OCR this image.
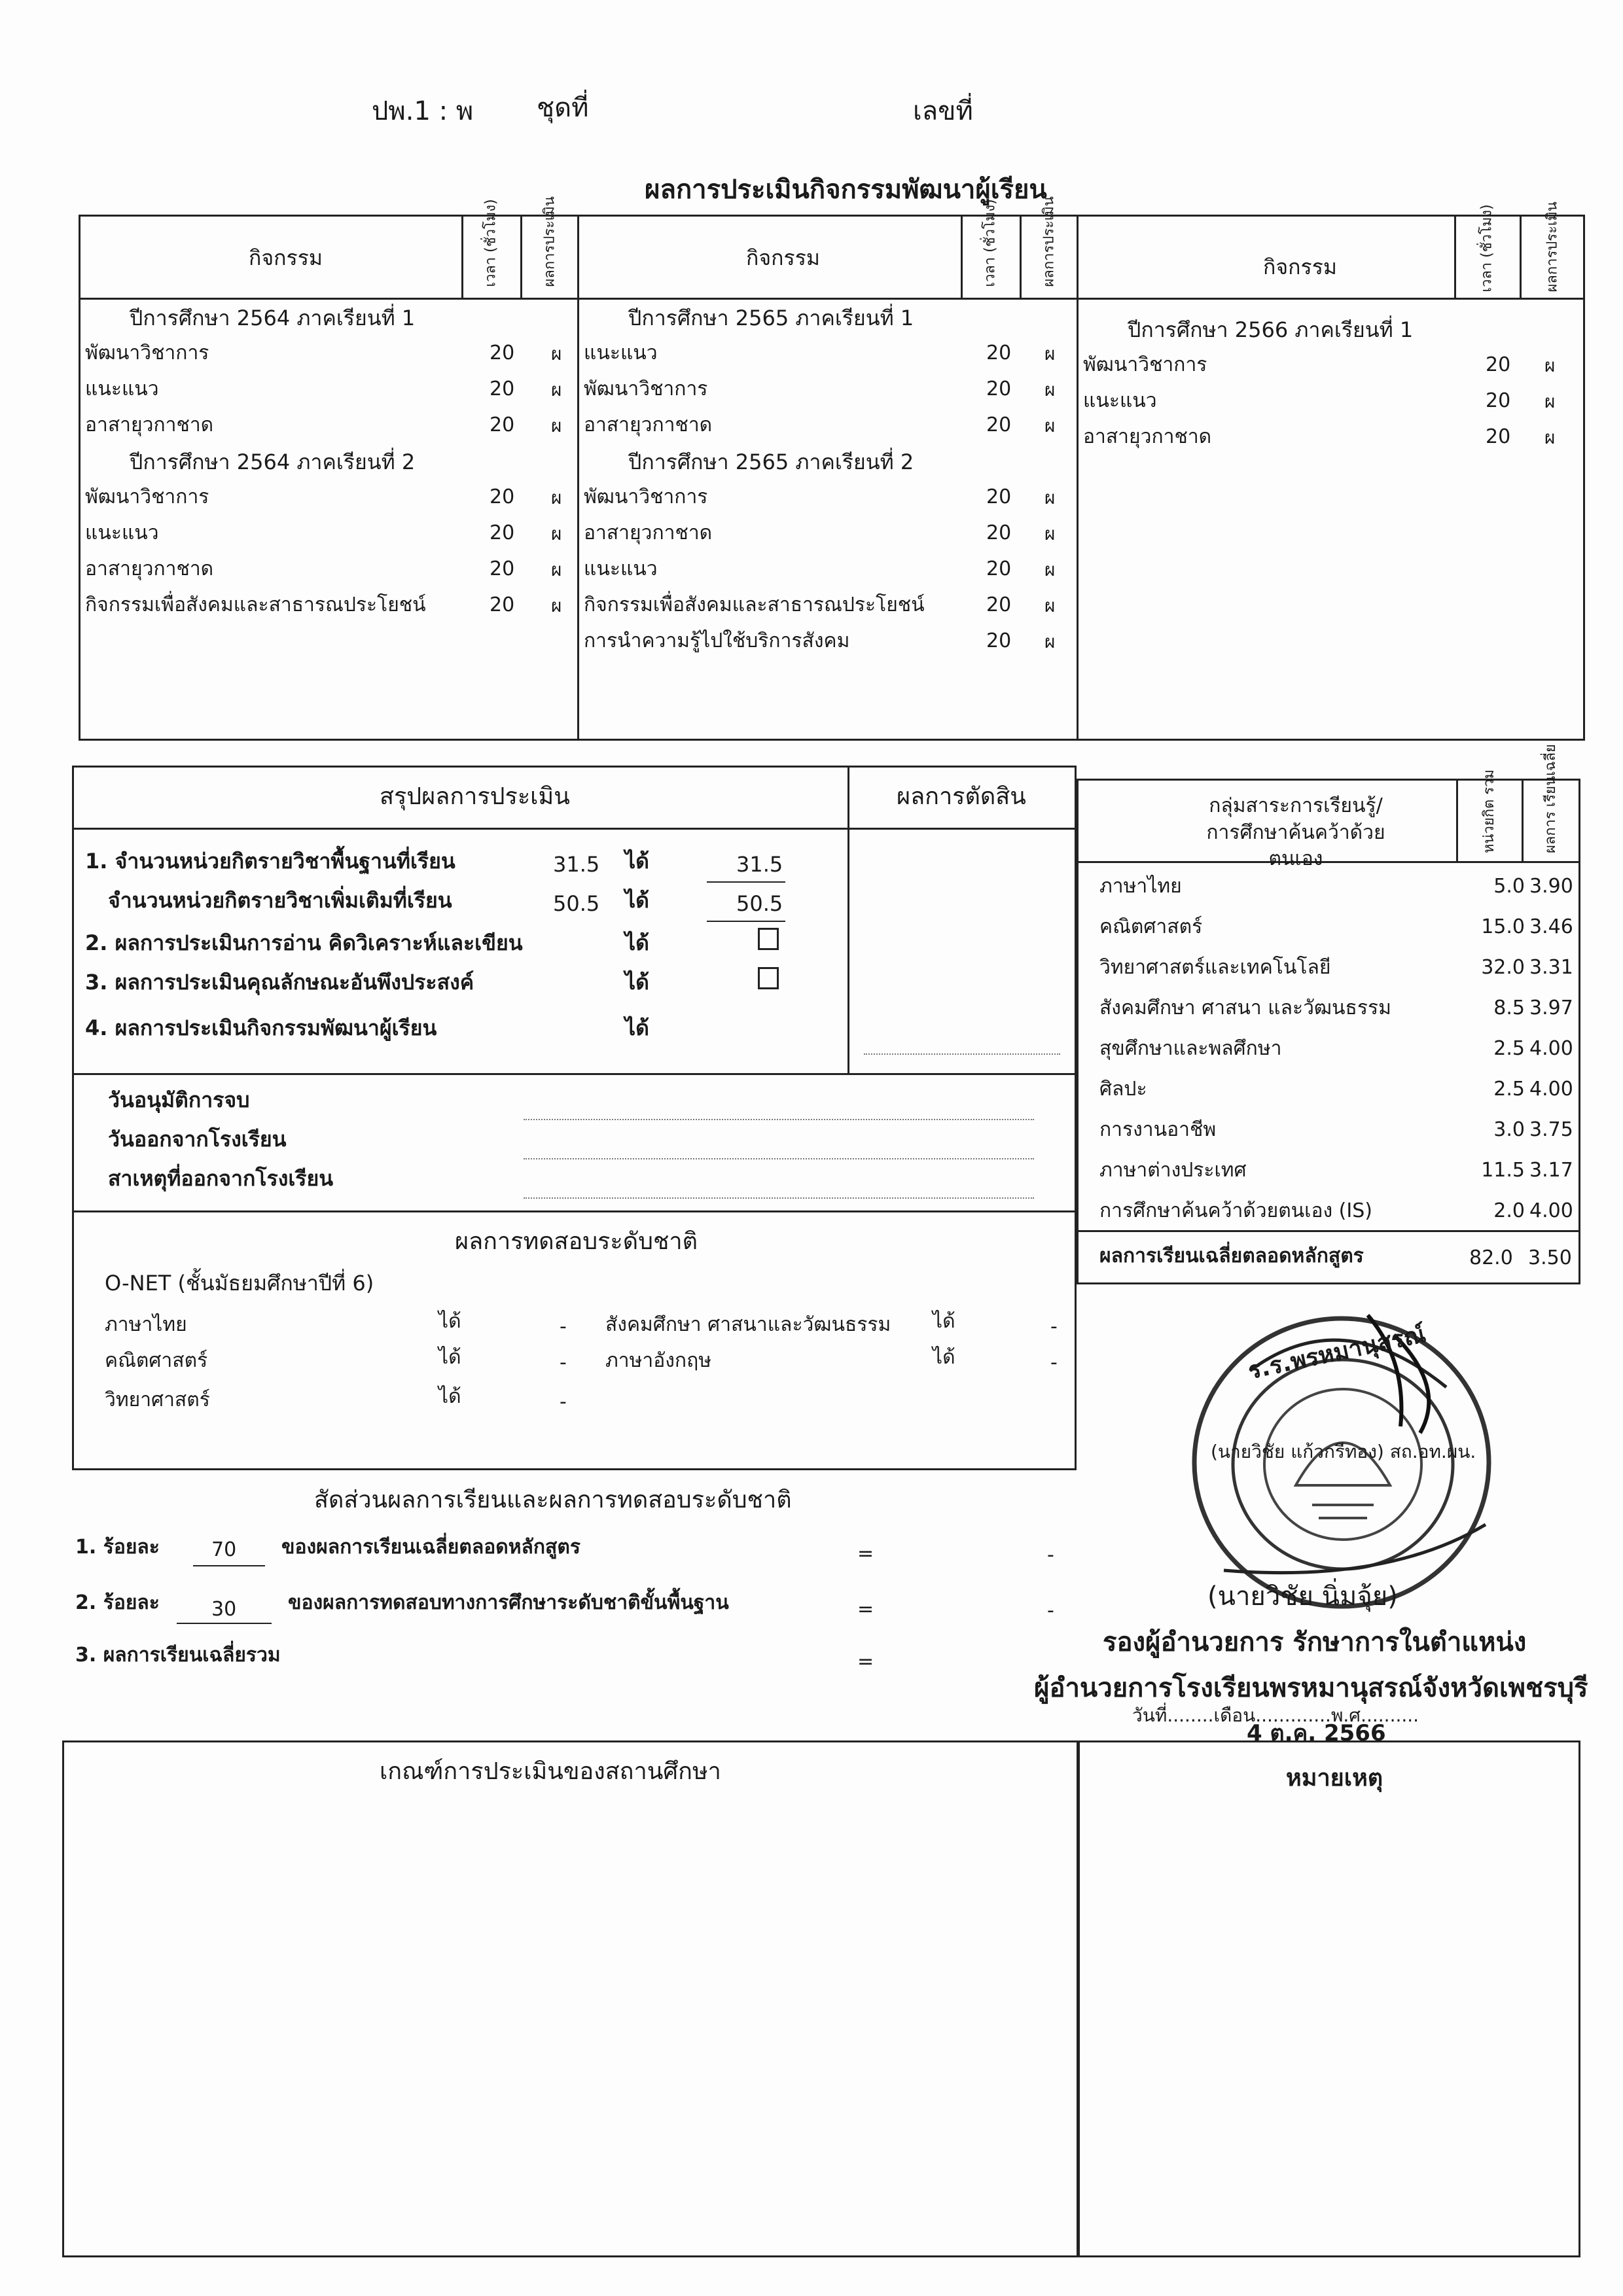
ปพ.1 : พ ชุดที่	เลขที่
ผลการประเมินกิจกรรมพัฒนาผู้เรียน
กิจกรรม	กิจกรรม	กิจกรรม
เวลา (ชั่วโมง)	ผลการประเมิน	เวลา (ชั่วโมง)	ผลการประเมิน	เวลา (ชั่วโมง)	ผลการประเมิน
ปีการศึกษา 2564 ภาคเรียนที่ 1
พัฒนาวิชาการ	20 ผ
แนะแนว	20 ผ
อาสายุวกาชาด	20 ผ
ปีการศึกษา 2564 ภาคเรียนที่ 2
พัฒนาวิชาการ	20 ผ
แนะแนว	20 ผ
อาสายุวกาชาด	20 ผ
กิจกรรมเพื่อสังคมและสาธารณประโยชน์	20 ผ
ปีการศึกษา 2565 ภาคเรียนที่ 1
แนะแนว	20 ผ
พัฒนาวิชาการ	20 ผ
อาสายุวกาชาด	20 ผ
ปีการศึกษา 2565 ภาคเรียนที่ 2
พัฒนาวิชาการ	20 ผ
อาสายุวกาชาด	20 ผ
แนะแนว	20 ผ
กิจกรรมเพื่อสังคมและสาธารณประโยชน์	20 ผ
การนำความรู้ไปใช้บริการสังคม	20 ผ
ปีการศึกษา 2566 ภาคเรียนที่ 1
พัฒนาวิชาการ	20 ผ
แนะแนว	20 ผ
อาสายุวกาชาด	20 ผ
สรุปผลการประเมิน	ผลการตัดสิน
1. จำนวนหน่วยกิตรายวิชาพื้นฐานที่เรียน	31.5 ได้	31.5
จำนวนหน่วยกิตรายวิชาเพิ่มเติมที่เรียน	50.5 ได้	50.5
2. ผลการประเมินการอ่าน คิดวิเคราะห์และเขียน	ได้
3. ผลการประเมินคุณลักษณะอันพึงประสงค์	ได้
4. ผลการประเมินกิจกรรมพัฒนาผู้เรียน	ได้
วันอนุมัติการจบ
วันออกจากโรงเรียน
สาเหตุที่ออกจากโรงเรียน
ผลการทดสอบระดับชาติ
O-NET (ชั้นมัธยมศึกษาปีที่ 6)
ภาษาไทย	ได้	-
คณิตศาสตร์	ได้	-
วิทยาศาสตร์	ได้	-
สังคมศึกษา ศาสนาและวัฒนธรรม ได้	-
ภาษาอังกฤษ	ได้	-
สัดส่วนผลการเรียนและผลการทดสอบระดับชาติ
1. ร้อยละ	70 ของผลการเรียนเฉลี่ยตลอดหลักสูตร	=	-
2. ร้อยละ	30	ของผลการทดสอบทางการศึกษาระดับชาติขั้นพื้นฐาน	=	-
3. ผลการเรียนเฉลี่ยรวม	=
กลุ่มสาระการเรียนรู้/ การศึกษาค้นคว้าด้วยตนเอง
หน่วยกิต รวม	ผลการ เรียนเฉลี่ย
ภาษาไทย	5.0 3.90
คณิตศาสตร์	15.0 3.46
วิทยาศาสตร์และเทคโนโลยี	32.0 3.31
สังคมศึกษา ศาสนา และวัฒนธรรม	8.5 3.97
สุขศึกษาและพลศึกษา	2.5 4.00
ศิลปะ	2.5 4.00
การงานอาชีพ	3.0 3.75
ภาษาต่างประเทศ	11.5 3.17
การศึกษาค้นคว้าด้วยตนเอง (IS)	2.0 4.00
ผลการเรียนเฉลี่ยตลอดหลักสูตร	82.0 3.50
ร.ร.พรหมานุสรณ์
(นายวิชัย แก้วกรีทอง) สถ.อท.ผน.
(นายวิชัย นิ่มจุ้ย)
รองผู้อำนวยการ รักษาการในตำแหน่ง
ผู้อำนวยการโรงเรียนพรหมานุสรณ์จังหวัดเพชรบุรี
วันที่........เดือน.............พ.ศ..........
4 ต.ค. 2566
เกณฑ์การประเมินของสถานศึกษา	หมายเหตุ
